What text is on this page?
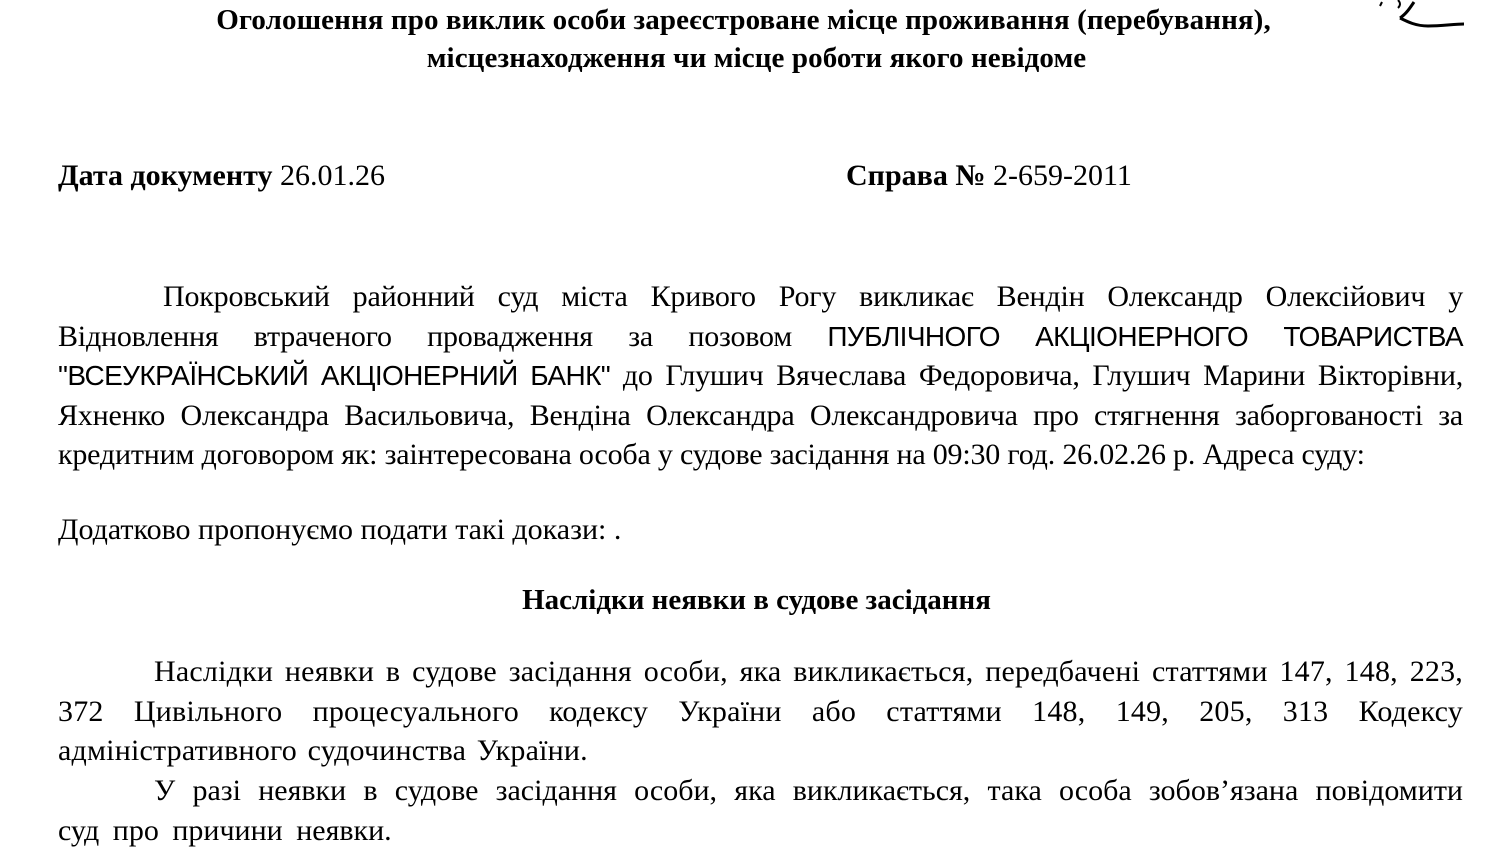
Оголошення про виклик особи зареєстроване місце проживання (перебування),
місцезнаходження чи місце роботи якого невідоме
Дата документу 26.01.26	Справа № 2-659-2011
Покровський районний суд міста Кривого Рогу викликає Вендін Олександр Олексійович у Відновлення втраченого провадження за позовом ПУБЛІЧНОГО АКЦІОНЕРНОГО ТОВАРИСТВА "ВСЕУКРАЇНСЬКИЙ АКЦІОНЕРНИЙ БАНК" до Глушич Вячеслава Федоровича, Глушич Марини Вікторівни, Яхненко Олександра Васильовича, Вендіна Олександра Олександровича про стягнення заборгованості за кредитним договором як: заінтересована особа у судове засідання на 09:30 год. 26.02.26 р. Адреса суду:
Додатково пропонуємо подати такі докази: .
Наслідки неявки в судове засідання
Наслідки неявки в судове засідання особи, яка викликається, передбачені статтями 147, 148, 223, 372 Цивільного процесуального кодексу України або статтями 148, 149, 205, 313 Кодексу адміністративного судочинства України.
У разі неявки в судове засідання особи, яка викликається, така особа зобов’язана повідомити суд про причини неявки.
